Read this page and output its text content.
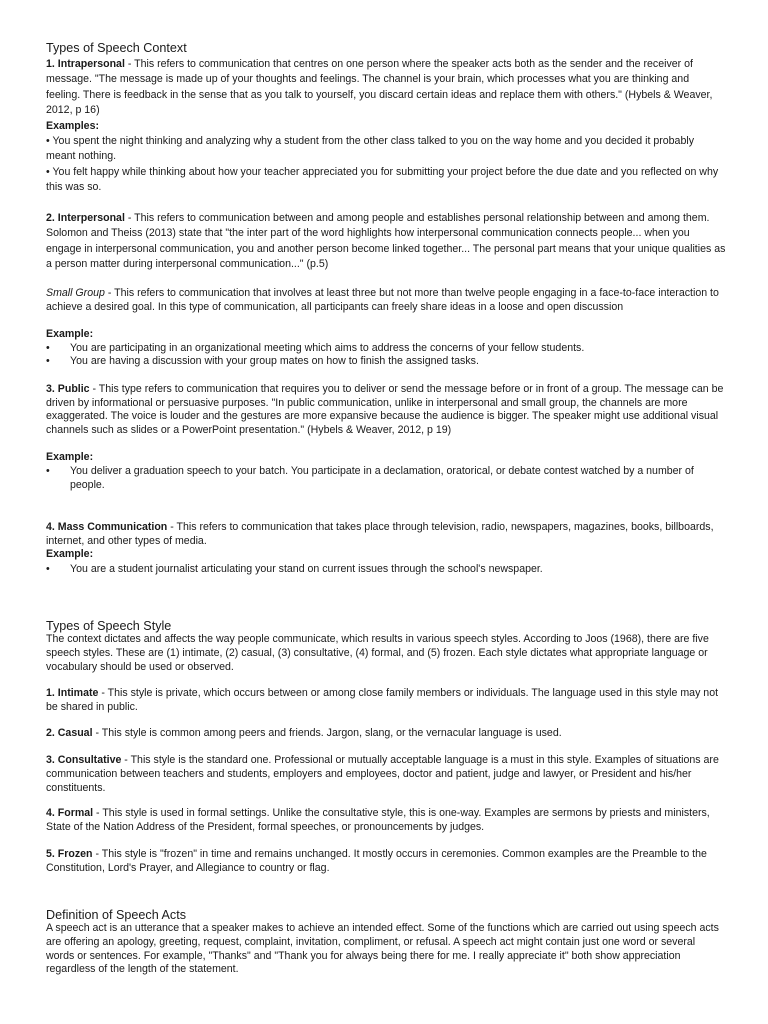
Types of Speech Context

1. Intrapersonal - This refers to communication that centres on one person where the speaker acts both as the sender and the receiver of message. "The message is made up of your thoughts and feelings. The channel is your brain, which processes what you are thinking and feeling. There is feedback in the sense that as you talk to yourself, you discard certain ideas and replace them with others." (Hybels & Weaver, 2012, p 16)

Examples:

• You spent the night thinking and analyzing why a student from the other class talked to you on the way home and you decided it probably meant nothing.

• You felt happy while thinking about how your teacher appreciated you for submitting your project before the due date and you reflected on why this was so.

2. Interpersonal - This refers to communication between and among people and establishes personal relationship between and among them. Solomon and Theiss (2013) state that "the inter part of the word highlights how interpersonal communication connects people... when you engage in interpersonal communication, you and another person become linked together... The personal part means that your unique qualities as a person matter during interpersonal communication..." (p.5)

Small Group - This refers to communication that involves at least three but not more than twelve people engaging in a face-to-face interaction to achieve a desired goal. In this type of communication, all participants can freely share ideas in a loose and open discussion

Example:

•	You are participating in an organizational meeting which aims to address the concerns of your fellow students.
•	You are having a discussion with your group mates on how to finish the assigned tasks.

3. Public - This type refers to communication that requires you to deliver or send the message before or in front of a group. The message can be driven by informational or persuasive purposes. "In public communication, unlike in interpersonal and small group, the channels are more exaggerated. The voice is louder and the gestures are more expansive because the audience is bigger. The speaker might use additional visual channels such as slides or a PowerPoint presentation." (Hybels & Weaver, 2012, p 19)

Example:

•	You deliver a graduation speech to your batch. You participate in a declamation, oratorical, or debate contest watched by a number of people.

4. Mass Communication - This refers to communication that takes place through television, radio, newspapers, magazines, books, billboards, internet, and other types of media.

Example:

•	You are a student journalist articulating your stand on current issues through the school's newspaper.
Types of Speech Style

The context dictates and affects the way people communicate, which results in various speech styles. According to Joos (1968), there are five speech styles. These are (1) intimate, (2) casual, (3) consultative, (4) formal, and (5) frozen. Each style dictates what appropriate language or vocabulary should be used or observed.

1. Intimate - This style is private, which occurs between or among close family members or individuals. The language used in this style may not be shared in public.

2. Casual - This style is common among peers and friends. Jargon, slang, or the vernacular language is used.

3. Consultative - This style is the standard one. Professional or mutually acceptable language is a must in this style. Examples of situations are communication between teachers and students, employers and employees, doctor and patient, judge and lawyer, or President and his/her constituents.

4. Formal - This style is used in formal settings. Unlike the consultative style, this is one-way. Examples are sermons by priests and ministers, State of the Nation Address of the President, formal speeches, or pronouncements by judges.

5. Frozen - This style is "frozen" in time and remains unchanged. It mostly occurs in ceremonies. Common examples are the Preamble to the Constitution, Lord's Prayer, and Allegiance to country or flag.

Definition of Speech Acts

A speech act is an utterance that a speaker makes to achieve an intended effect. Some of the functions which are carried out using speech acts are offering an apology, greeting, request, complaint, invitation, compliment, or refusal. A speech act might contain just one word or several words or sentences. For example, "Thanks" and "Thank you for always being there for me. I really appreciate it" both show appreciation regardless of the length of the statement.
